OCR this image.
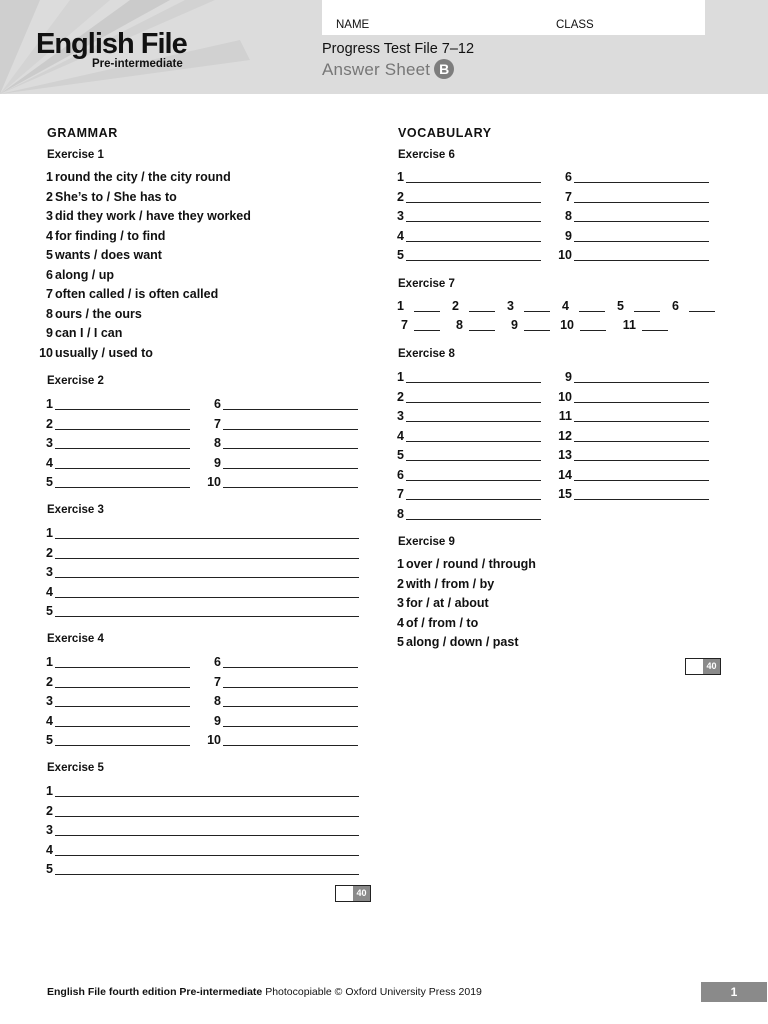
English File
Pre-intermediate
NAME	CLASS
Progress Test File 7–12
Answer Sheet B
GRAMMAR
Exercise 1
1 round the city / the city round
2 She’s to / She has to
3 did they work / have they worked
4 for finding / to find
5 wants / does want
6 along / up
7 often called / is often called
8 ours / the ours
9 can I / I can
10 usually / used to
Exercise 2
1
2
3
4
5
6
7
8
9
10
Exercise 3
1
2
3
4
5
Exercise 4
1
2
3
4
5
6
7
8
9
10
Exercise 5
1
2
3
4
5
40
VOCABULARY
Exercise 6
1
2
3
4
5
6
7
8
9
10
Exercise 7
1	2	3	4	5	6
7	8	9	10	11
Exercise 8
1
2
3
4
5
6
7
8
9
10
11
12
13
14
15
Exercise 9
1 over / round / through
2 with / from / by
3 for / at / about
4 of / from / to
5 along / down / past
40
English File fourth edition Pre-intermediate Photocopiable © Oxford University Press 2019	1
